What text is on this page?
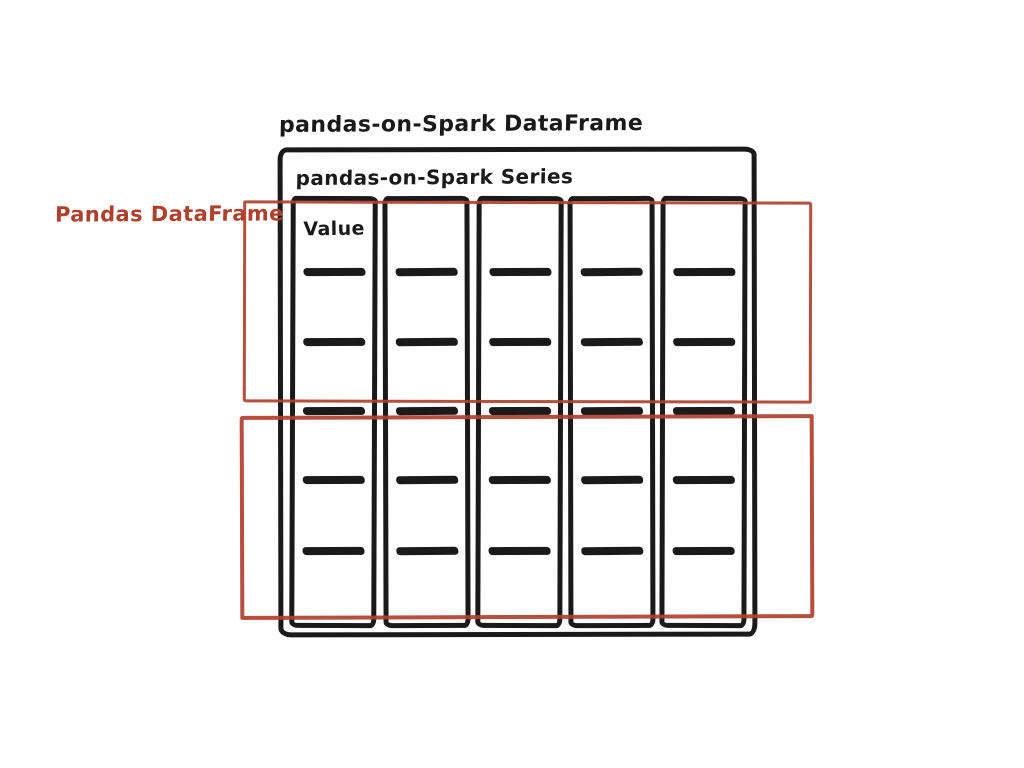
pandas-on-Spark DataFrame
pandas-on-Spark Series
Value
Pandas DataFrame
